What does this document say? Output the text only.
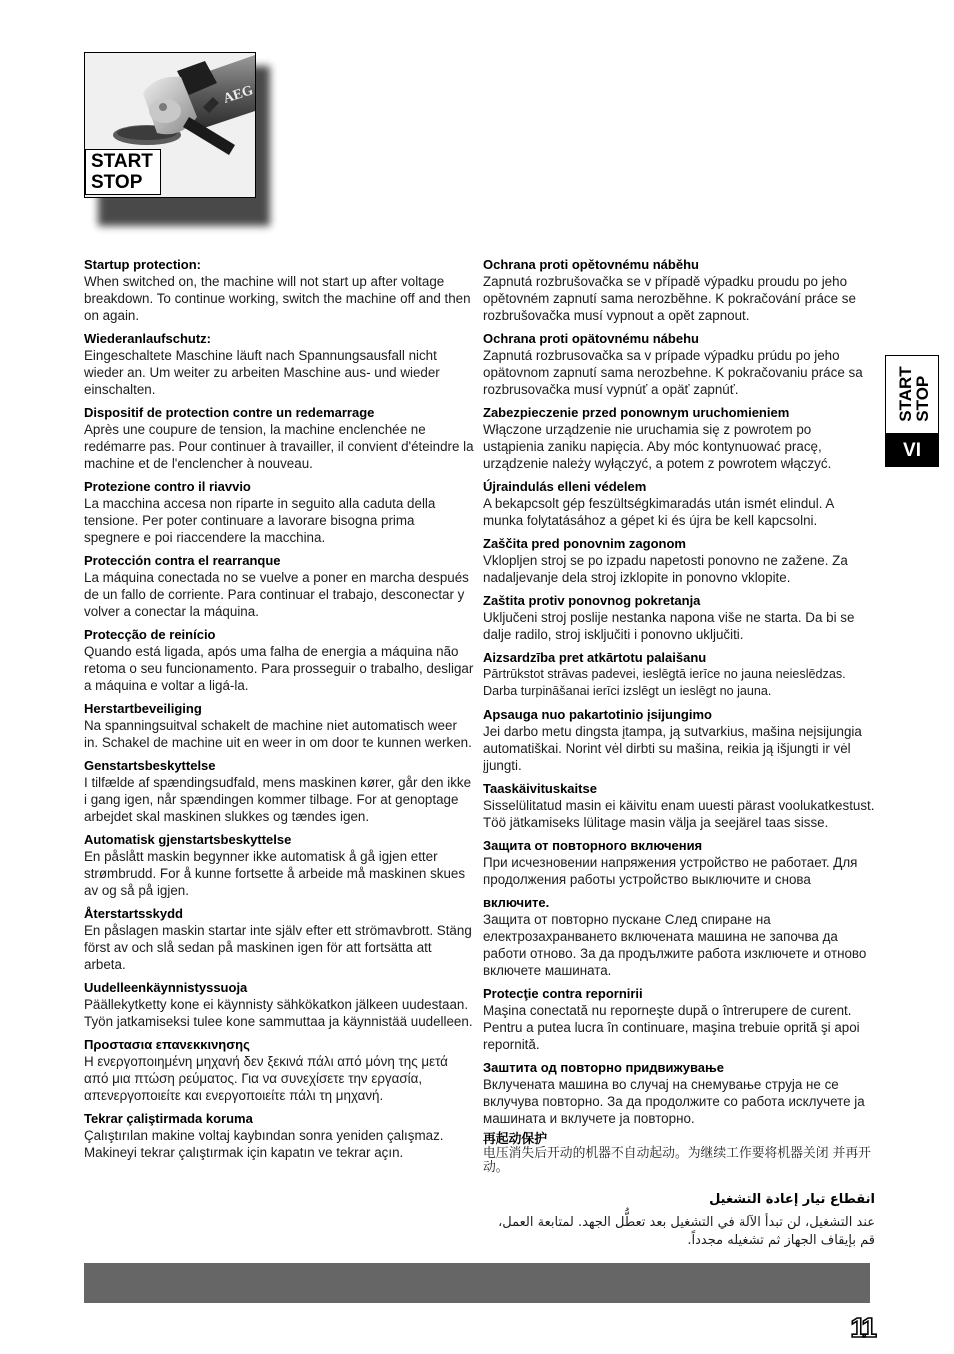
AEG
START
STOP
Startup protection:

When switched on, the machine will not start up after voltage breakdown. To continue working, switch the machine off and then on again.

Wiederanlaufschutz:

Eingeschaltete Maschine läuft nach Spannungsausfall nicht wieder an. Um weiter zu arbeiten Maschine aus- und wieder einschalten.

Dispositif de protection contre un redemarrage

Après une coupure de tension, la machine enclenchée ne redémarre pas. Pour continuer à travailler, il convient d'éteindre la machine et de l'enclencher à nouveau.

Protezione contro il riavvio

La macchina accesa non riparte in seguito alla caduta della tensione. Per poter continuare a lavorare bisogna prima spegnere e poi riaccendere la macchina.

Protección contra el rearranque

La máquina conectada no se vuelve a poner en marcha después de un fallo de corriente. Para continuar el trabajo, desconectar y volver a conectar la máquina.

Protecção de reinício

Quando está ligada, após uma falha de energia a máquina não retoma o seu funcionamento. Para prosseguir o trabalho, desligar a máquina e voltar a ligá-la.

Herstartbeveiliging

Na spanningsuitval schakelt de machine niet automatisch weer in. Schakel de machine uit en weer in om door te kunnen werken.

Genstartsbeskyttelse

I tilfælde af spændingsudfald, mens maskinen kører, går den ikke i gang igen, når spændingen kommer tilbage. For at genoptage arbejdet skal maskinen slukkes og tændes igen.

Automatisk gjenstartsbeskyttelse

En påslått maskin begynner ikke automatisk å gå igjen etter strømbrudd. For å kunne fortsette å arbeide må maskinen skues av og så på igjen.

Återstartsskydd

En påslagen maskin startar inte själv efter ett strömavbrott. Stäng först av och slå sedan på maskinen igen för att fortsätta att arbeta.

Uudelleenkäynnistyssuoja

Päällekytketty kone ei käynnisty sähkökatkon jälkeen uudestaan. Työn jatkamiseksi tulee kone sammuttaa ja käynnistää uudelleen.

Προστασια επανεκκινησης

Η ενεργοποιημένη μηχανή δεν ξεκινά πάλι από μόνη της μετά από μια πτώση ρεύματος. Για να συνεχίσετε την εργασία, απενεργοποιείτε και ενεργοποιείτε πάλι τη μηχανή.

Tekrar çaliştirmada koruma

Çalıştırılan makine voltaj kaybından sonra yeniden çalışmaz. Makineyi tekrar çalıştırmak için kapatın ve tekrar açın.

Ochrana proti opětovnému náběhu

Zapnutá rozbrušovačka se v případě výpadku proudu po jeho opětovném zapnutí sama nerozběhne. K pokračování práce se rozbrušovačka musí vypnout a opět zapnout.

Ochrana proti opätovnému nábehu

Zapnutá rozbrusovačka sa v prípade výpadku prúdu po jeho opätovnom zapnutí sama nerozbehne. K pokračovaniu práce sa rozbrusovačka musí vypnúť a opäť zapnúť.

Zabezpieczenie przed ponownym uruchomieniem

Włączone urządzenie nie uruchamia się z powrotem po ustąpienia zaniku napięcia. Aby móc kontynuować pracę, urządzenie należy wyłączyć, a potem z powrotem włączyć.

Újraindulás elleni védelem

A bekapcsolt gép feszültségkimaradás után ismét elindul. A munka folytatásához a gépet ki és újra be kell kapcsolni.

Zaščita pred ponovnim zagonom

Vklopljen stroj se po izpadu napetosti ponovno ne zažene. Za nadaljevanje dela stroj izklopite in ponovno vklopite.

Zaštita protiv ponovnog pokretanja

Uključeni stroj poslije nestanka napona više ne starta. Da bi se dalje radilo, stroj isključiti i ponovno uključiti.

Aizsardzība pret atkārtotu palaišanu

Pārtrūkstot strāvas padevei, ieslēgtā ierīce no jauna neieslēdzas. Darba turpināšanai ierīci izslēgt un ieslēgt no jauna.

Apsauga nuo pakartotinio įsijungimo

Jei darbo metu dingsta įtampa, ją sutvarkius, mašina neįsijungia automatiškai. Norint vėl dirbti su mašina, reikia ją išjungti ir vėl įjungti.

Taaskäivituskaitse

Sisselülitatud masin ei käivitu enam uuesti pärast voolukatkestust. Töö jätkamiseks lülitage masin välja ja seejärel taas sisse.

Защита от повторного включения

При исчезновении напряжения устройство не работает. Для продолжения работы устройство выключите и снова

включите.

Защита от повторно пускане След спиране на електрозахранването включената машина не започва да работи отново. За да продължите работа изключете и отново включете машината.

Protecţie contra repornirii

Maşina conectată nu reporneşte după o întrerupere de curent. Pentru a putea lucra în continuare, maşina trebuie oprită şi apoi repornită.

Заштита од повторно придвижување

Вклучената машина во случај на снемување струја не се вклучува повторно. За да продолжите со работа исклучете ја машината и вклучете ја повторно.

再起动保护

电压消失后开动的机器不自动起动。为继续工作要将机器关闭 并再开动。

انقطاع تيار إعادة التشغيل

عند التشغيل، لن تبدأ الآلة في التشغيل بعد تعطُّل الجهد. لمتابعة العمل، قم بإيقاف الجهاز ثم تشغيله مجدداً.

START
STOP
VI
11
